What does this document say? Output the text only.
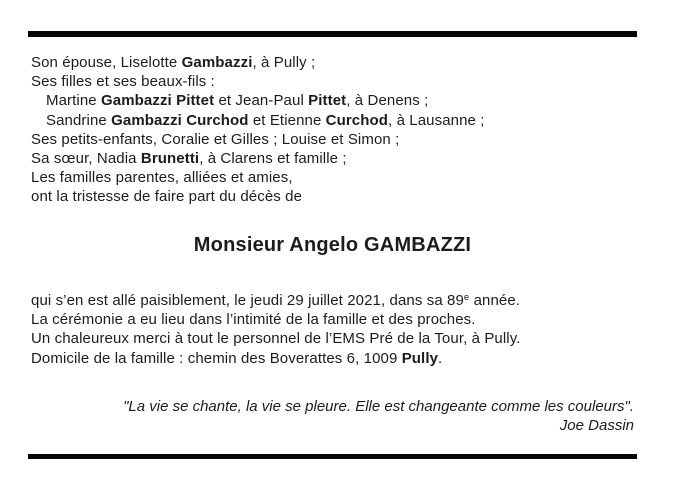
Son épouse, Liselotte Gambazzi, à Pully ;
Ses filles et ses beaux-fils :
Martine Gambazzi Pittet et Jean-Paul Pittet, à Denens ;
Sandrine Gambazzi Curchod et Etienne Curchod, à Lausanne ;
Ses petits-enfants, Coralie et Gilles ; Louise et Simon ;
Sa sœur, Nadia Brunetti, à Clarens et famille ;
Les familles parentes, alliées et amies,
ont la tristesse de faire part du décès de
Monsieur Angelo GAMBAZZI
qui s’en est allé paisiblement, le jeudi 29 juillet 2021, dans sa 89e année.
La cérémonie a eu lieu dans l’intimité de la famille et des proches.
Un chaleureux merci à tout le personnel de l’EMS Pré de la Tour, à Pully.
Domicile de la famille : chemin des Boverattes 6, 1009 Pully.
"La vie se chante, la vie se pleure. Elle est changeante comme les couleurs".
Joe Dassin
